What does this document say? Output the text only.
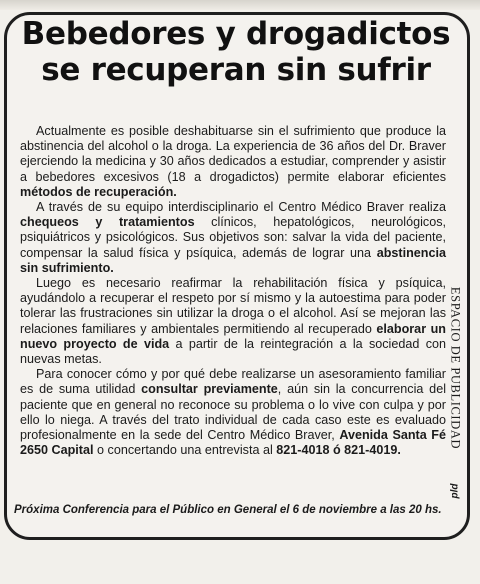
Bebedores y drogadictos
se recuperan sin sufrir

Actualmente es posible deshabituarse sin el sufrimiento que produce la abstinencia del alcohol o la droga. La experiencia de 36 años del Dr. Braver ejerciendo la medicina y 30 años dedicados a estudiar, comprender y asistir a bebedores excesivos (18 a drogadictos) permite elaborar eficientes métodos de recuperación.

A través de su equipo interdisciplinario el Centro Médico Braver realiza chequeos y tratamientos clínicos, hepatológicos, neurológicos, psiquiátricos y psicológicos. Sus objetivos son: salvar la vida del paciente, compensar la salud física y psíquica, además de lograr una abstinencia sin sufrimiento.

Luego es necesario reafirmar la rehabilitación física y psíquica, ayudándolo a recuperar el respeto por sí mismo y la autoestima para poder tolerar las frustraciones sin utilizar la droga o el alcohol. Así se mejoran las relaciones familiares y ambientales permitiendo al recuperado elaborar un nuevo proyecto de vida a partir de la reintegración a la sociedad con nuevas metas.

Para conocer cómo y por qué debe realizarse un asesoramiento familiar es de suma utilidad consultar previamente, aún sin la concurrencia del paciente que en general no reconoce su problema o lo vive con culpa y por ello lo niega. A través del trato individual de cada caso este es evaluado profesionalmente en la sede del Centro Médico Braver, Avenida Santa Fé 2650 Capital o concertando una entrevista al 821-4018 ó 821-4019.

Próxima Conferencia para el Público en General el 6 de noviembre a las 20 hs.
ESPACIO DE PUBLICIDAD
pld
